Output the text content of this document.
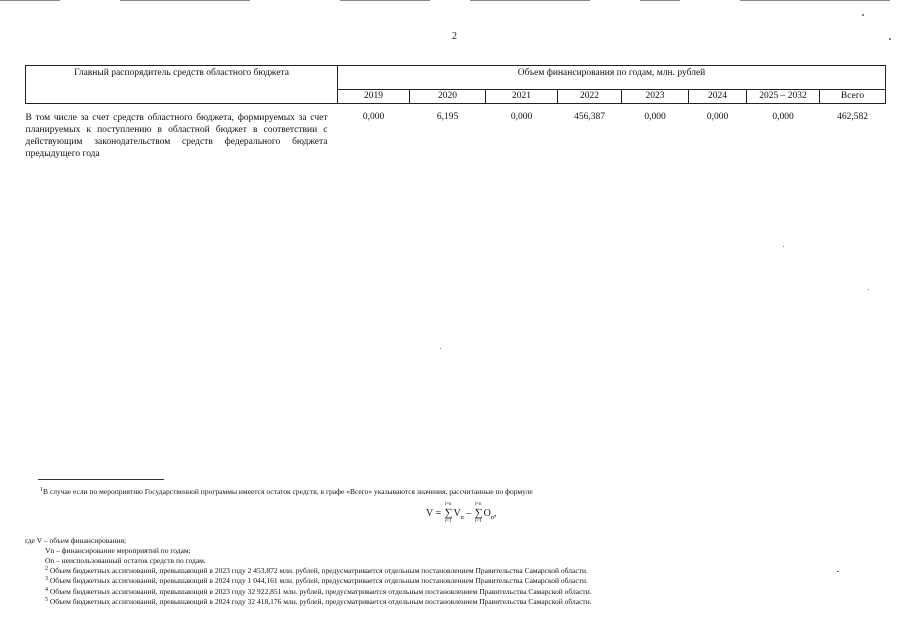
2
Главный распорядитель средств областного бюджета	Объем финансирования по годам, млн. рублей							
	2019	2020	2021	2022	2023	2024	2025 – 2032	Всего
В том числе за счет средств областного бюджета, формируемых за счет планируемых к поступлению в областной бюджет в соответствии с действующим законодательством средств федерального бюджета предыдущего года	0,000	6,195	0,000	456,387	0,000	0,000	0,000	462,582
$^1$В случае если по мероприятию Государственной программы имеется остаток средств, в графе «Всего» указываются значения, рассчитанные по формуле
V = ∑
i=n
i=1
$V_n$ – ∑
i=n
i=1
$O_n$,
где V – объем финансирования;
Vn – финансирование мероприятий по годам;
On – неиспользованный остаток средств по годам.
$^2$ Объем бюджетных ассигнований, превышающий в 2023 году 2 453,872 млн. рублей, предусматривается отдельным постановлением Правительства Самарской области.
$^3$ Объем бюджетных ассигнований, превышающий в 2024 году 1 044,161 млн. рублей, предусматривается отдельным постановлением Правительства Самарской области.
$^4$ Объем бюджетных ассигнований, превышающий в 2023 году 32 922,851 млн. рублей, предусматривается отдельным постановлением Правительства Самарской области.
$^5$ Объем бюджетных ассигнований, превышающий в 2024 году 32 418,176 млн. рублей, предусматривается отдельным постановлением Правительства Самарской области.
